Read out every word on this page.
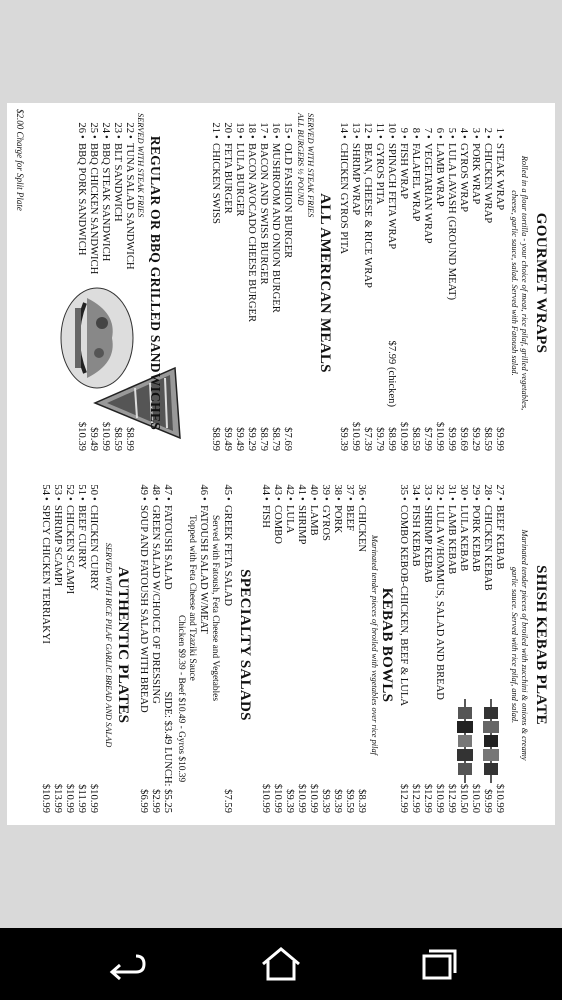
GOURMET WRAPS
Rolled in a flour tortilla - your choice of meat, rice pilaf, grilled vegetables,
cheese, garlic sauce, salad. Served with Fatoush salad.
1
•
STEAK WRAP
$9.99
2
•
CHICKEN WRAP
$8.59
3
•
PORK WRAP
$9.29
4
•
GYROS WRAP
$9.69
5
•
LULA LAVASH (GROUND MEAT)
$9.99
6
•
LAMB WRAP
$10.99
7
•
VEGETARIAN WRAP
$7.99
8
•
FALAFEL WRAP
$8.59
9
•
FISH WRAP
$10.99
10
•
SPINACH FETA WRAP
$7.99 (chicken)
$8.99
11
•
GYROS PITA
$9.79
12
•
BEAN, CHEESE & RICE WRAP
$7.39
13
•
SHRIMP WRAP
$10.99
14
•
CHICKEN GYROS PITA
$9.39
ALL AMERICAN MEALS
SERVED WITH STEAK FRIES
ALL BURGERS ½ POUND
15
•
OLD FASHION BURGER
$7.69
16
•
MUSHROOM AND ONION BURGER
$8.79
17
•
BACON AND SWISS BURGER
$8.79
18
•
BACON AVOCADO CHEESE BURGER
$9.29
19
•
LULA BURGER
$9.49
20
•
FETA BURGER
$9.49
21
•
CHICKEN SWISS
$8.99
REGULAR OR BBQ GRILLED SANDWICHES
SERVED WITH STEAK FRIES
22
•
TUNA SALAD SANDWICH
$8.99
23
•
BLT SANDWICH
$8.59
24
•
BBQ STEAK SANDWICH
$10.99
25
•
BBQ CHICKEN SANDWICH
$9.49
26
•
BBQ PORK SANDWICH
$10.39
$2.00 Charge for Split Plate
SHISH KEBAB PLATE
Marinated tender pieces of broiled with zucchini & onions & creamy
garlic sauce. Served with rice pilaf, and salad.
27
•
BEEF KEBAB
$10.99
28
•
CHICKEN KEBAB
$9.99
29
•
PORK KEBAB
$10.50
30
•
LULA KEBAB
$10.50
31
•
LAMB KEBAB
$12.99
32
•
LULA W/HOMMUS, SALAD AND BREAD
$10.99
33
•
SHRIMP KEBAB
$12.99
34
•
FISH KEBAB
$12.99
35
•
COMBO KEBOB-CHICKEN, BEEF & LULA
$12.99
KEBAB BOWLS
Marinated tender pieces of broiled with vegetables over rice pilaf
36
•
CHICKEN
$8.39
37
•
BEEF
$9.59
38
•
PORK
$9.39
39
•
GYROS
$9.39
40
•
LAMB
$10.99
41
•
SHRIMP
$10.99
42
•
LULA
$9.39
43
•
COMBO
$10.99
44
•
FISH
$10.99
SPECIALTY SALADS
45
•
GREEK FETA SALAD
$7.59
Served with Fatoush, Feta Cheese and Vegetables
46
•
FATOUSH SALAD W/MEAT
Topped with Feta Cheese and Tzaziki Sauce
Chicken $9.39 - Beef $10.49 - Gyros $10.39
47
•
FATOUSH SALAD
SIDE: $3.49 LUNCH: $5.25
48
•
GREEN SALAD W/CHOICE OF DRESSING
$2.99
49
•
SOUP AND FATOUSH SALAD WITH BREAD
$6.99
AUTHENTIC PLATES
SERVED WITH RICE PILAF GARLIC BREAD AND SALAD
50
•
CHICKEN CURRY
$10.99
51
•
BEEF CURRY
$11.99
52
•
CHICKEN SCAMPI
$10.99
53
•
SHRIMP SCAMPI
$13.99
54
•
SPICY CHICKEN TERRIAKYI
$10.99
